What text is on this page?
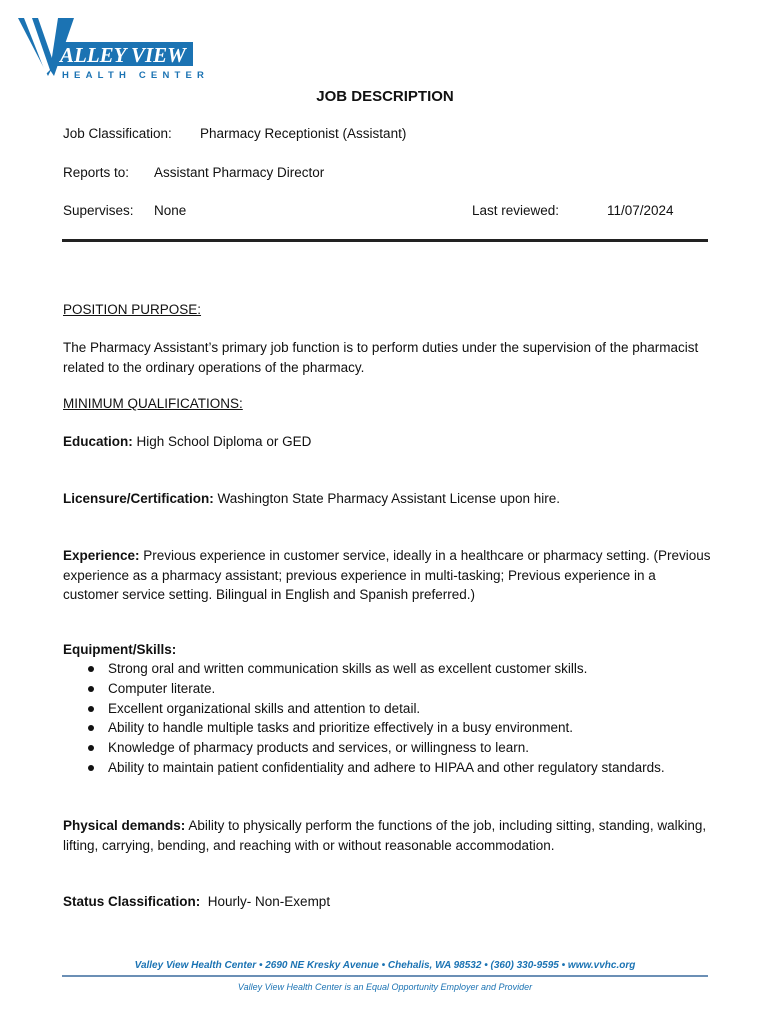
ALLEY VIEW
HEALTH CENTER
JOB DESCRIPTION
Job Classification: Pharmacy Receptionist (Assistant)
Reports to: Assistant Pharmacy Director
Supervises: None	Last reviewed:	11/07/2024
POSITION PURPOSE:
The Pharmacy Assistant’s primary job function is to perform duties under the supervision of the pharmacist related to the ordinary operations of the pharmacy.
MINIMUM QUALIFICATIONS:
Education: High School Diploma or GED
Licensure/Certification: Washington State Pharmacy Assistant License upon hire.
Experience: Previous experience in customer service, ideally in a healthcare or pharmacy setting. (Previous experience as a pharmacy assistant; previous experience in multi-tasking; Previous experience in a customer service setting. Bilingual in English and Spanish preferred.)
Equipment/Skills:
Strong oral and written communication skills as well as excellent customer skills.
Computer literate.
Excellent organizational skills and attention to detail.
Ability to handle multiple tasks and prioritize effectively in a busy environment.
Knowledge of pharmacy products and services, or willingness to learn.
Ability to maintain patient confidentiality and adhere to HIPAA and other regulatory standards.
Physical demands: Ability to physically perform the functions of the job, including sitting, standing, walking, lifting, carrying, bending, and reaching with or without reasonable accommodation.
Status Classification:  Hourly- Non-Exempt
Valley View Health Center • 2690 NE Kresky Avenue • Chehalis, WA 98532 • (360) 330-9595 • www.vvhc.org
Valley View Health Center is an Equal Opportunity Employer and Provider
